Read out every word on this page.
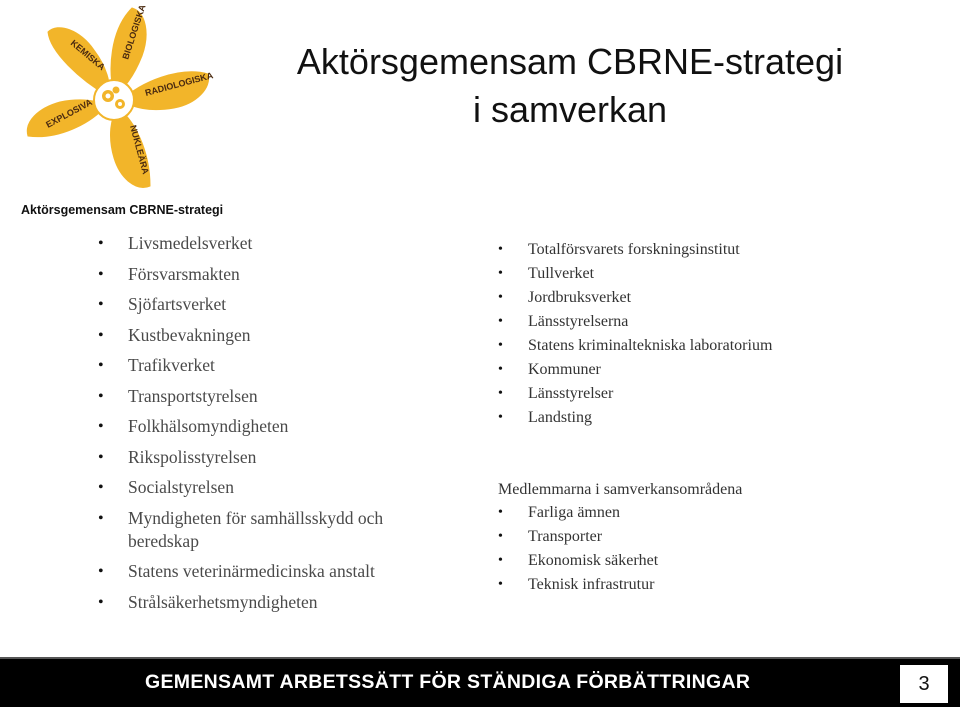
KEMISKA BIOLOGISKA
RADIOLOGISKA
NUKLEÄRA
EXPLOSIVA
Aktörsgemensam CBRNE-strategi
Aktörsgemensam CBRNE-strategi
i samverkan
• Livsmedelsverket
• Försvarsmakten
• Sjöfartsverket
• Kustbevakningen
• Trafikverket
• Transportstyrelsen
• Folkhälsomyndigheten
• Rikspolisstyrelsen
• Socialstyrelsen
• Myndigheten för samhällsskydd och beredskap
• Statens veterinärmedicinska anstalt
• Strålsäkerhetsmyndigheten
• Totalförsvarets forskningsinstitut
• Tullverket
• Jordbruksverket
• Länsstyrelserna
• Statens kriminaltekniska laboratorium
• Kommuner
• Länsstyrelser
• Landsting
Medlemmarna i samverkansområdena
• Farliga ämnen
• Transporter
• Ekonomisk säkerhet
• Teknisk infrastrutur
GEMENSAMT ARBETSSÄTT FÖR STÄNDIGA FÖRBÄTTRINGAR	3
